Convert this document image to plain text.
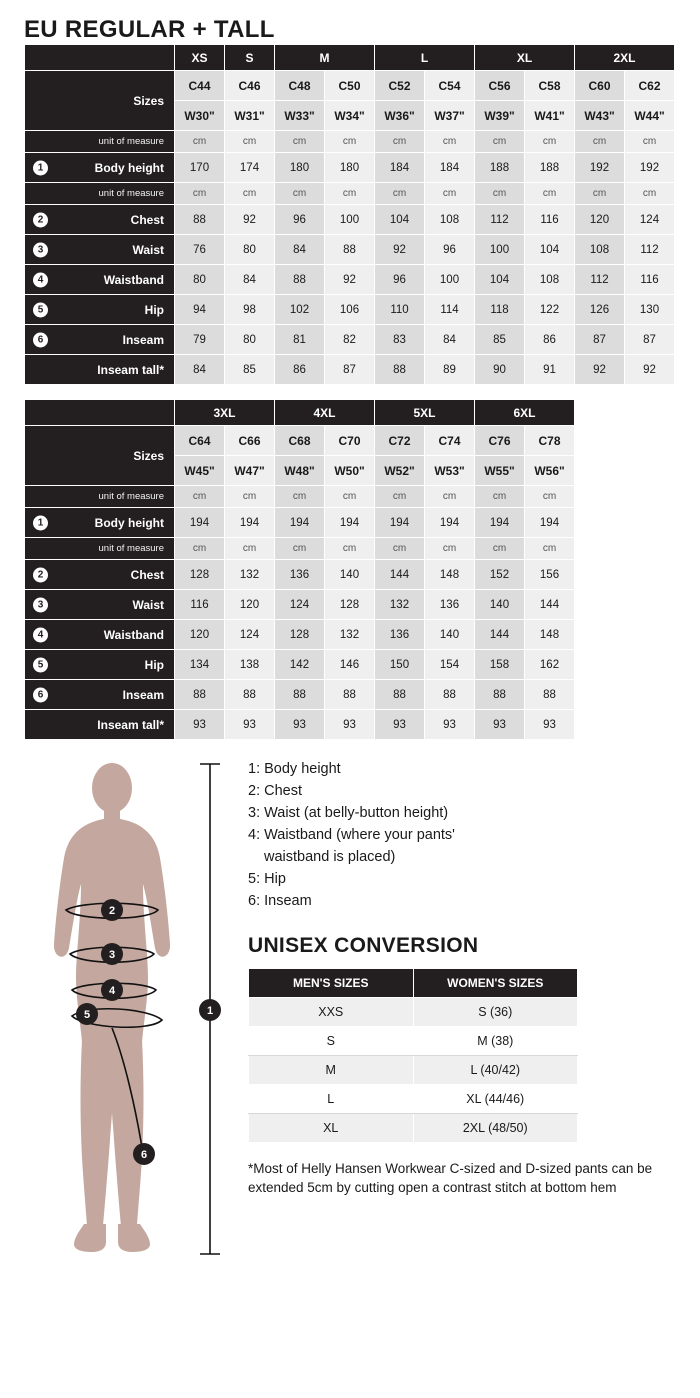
EU REGULAR + TALL
	XS	S	M		L		XL		2XL	
Sizes	C44	C46	C48	C50	C52	C54	C56	C58	C60	C62
	W30"	W31"	W33"	W34"	W36"	W37"	W39"	W41"	W43"	W44"
unit of measure	cm	cm	cm	cm	cm	cm	cm	cm	cm	cm

1 Body height	170	174	180	180	184	184	188	188	192	192
unit of measure	cm	cm	cm	cm	cm	cm	cm	cm	cm	cm

2 Chest	88	92	96	100	104	108	112	116	120	124

3 Waist	76	80	84	88	92	96	100	104	108	112

4 Waistband	80	84	88	92	96	100	104	108	112	116

5 Hip	94	98	102	106	110	114	118	122	126	130

6 Inseam	79	80	81	82	83	84	85	86	87	87
Inseam tall*	84	85	86	87	88	89	90	91	92	92
	3XL		4XL		5XL		6XL	
Sizes	C64	C66	C68	C70	C72	C74	C76	C78
	W45"	W47"	W48"	W50"	W52"	W53"	W55"	W56"
unit of measure	cm	cm	cm	cm	cm	cm	cm	cm

1 Body height	194	194	194	194	194	194	194	194
unit of measure	cm	cm	cm	cm	cm	cm	cm	cm

2 Chest	128	132	136	140	144	148	152	156

3 Waist	116	120	124	128	132	136	140	144

4 Waistband	120	124	128	132	136	140	144	148

5 Hip	134	138	142	146	150	154	158	162

6 Inseam	88	88	88	88	88	88	88	88
Inseam tall*	93	93	93	93	93	93	93	93
1
2
3
4
5
6
1: Body height
2: Chest
3: Waist (at belly-button height)
4: Waistband (where your pants'
waistband is placed)
5: Hip
6: Inseam
UNISEX CONVERSION
MEN'S SIZES	WOMEN'S SIZES
XXS	S (36)
S	M (38)
M	L (40/42)
L	XL (44/46)
XL	2XL (48/50)
*Most of Helly Hansen Workwear C-sized and D-sized pants can be extended 5cm by cutting open a contrast stitch at bottom hem
